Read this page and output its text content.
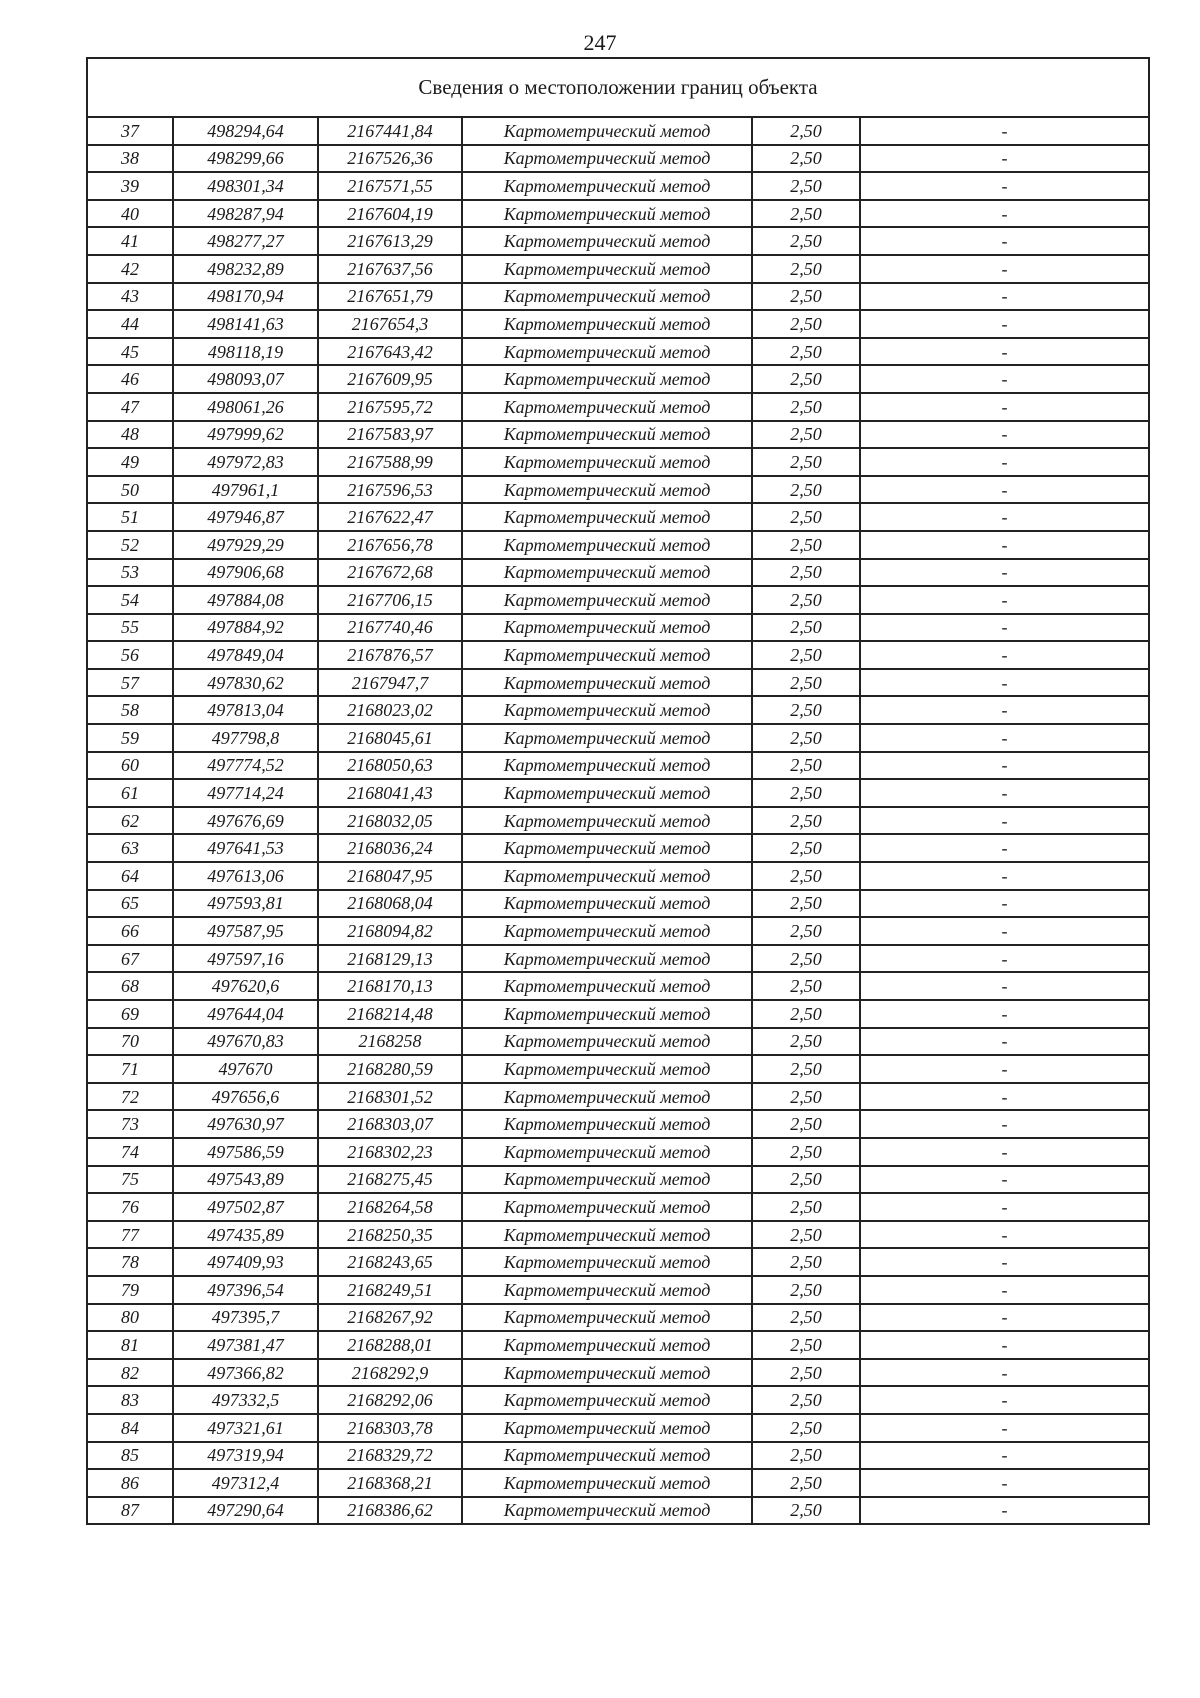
247
Сведения о местоположении границ объекта					
37	498294,64	2167441,84	Картометрический метод	2,50	-
38	498299,66	2167526,36	Картометрический метод	2,50	-
39	498301,34	2167571,55	Картометрический метод	2,50	-
40	498287,94	2167604,19	Картометрический метод	2,50	-
41	498277,27	2167613,29	Картометрический метод	2,50	-
42	498232,89	2167637,56	Картометрический метод	2,50	-
43	498170,94	2167651,79	Картометрический метод	2,50	-
44	498141,63	2167654,3	Картометрический метод	2,50	-
45	498118,19	2167643,42	Картометрический метод	2,50	-
46	498093,07	2167609,95	Картометрический метод	2,50	-
47	498061,26	2167595,72	Картометрический метод	2,50	-
48	497999,62	2167583,97	Картометрический метод	2,50	-
49	497972,83	2167588,99	Картометрический метод	2,50	-
50	497961,1	2167596,53	Картометрический метод	2,50	-
51	497946,87	2167622,47	Картометрический метод	2,50	-
52	497929,29	2167656,78	Картометрический метод	2,50	-
53	497906,68	2167672,68	Картометрический метод	2,50	-
54	497884,08	2167706,15	Картометрический метод	2,50	-
55	497884,92	2167740,46	Картометрический метод	2,50	-
56	497849,04	2167876,57	Картометрический метод	2,50	-
57	497830,62	2167947,7	Картометрический метод	2,50	-
58	497813,04	2168023,02	Картометрический метод	2,50	-
59	497798,8	2168045,61	Картометрический метод	2,50	-
60	497774,52	2168050,63	Картометрический метод	2,50	-
61	497714,24	2168041,43	Картометрический метод	2,50	-
62	497676,69	2168032,05	Картометрический метод	2,50	-
63	497641,53	2168036,24	Картометрический метод	2,50	-
64	497613,06	2168047,95	Картометрический метод	2,50	-
65	497593,81	2168068,04	Картометрический метод	2,50	-
66	497587,95	2168094,82	Картометрический метод	2,50	-
67	497597,16	2168129,13	Картометрический метод	2,50	-
68	497620,6	2168170,13	Картометрический метод	2,50	-
69	497644,04	2168214,48	Картометрический метод	2,50	-
70	497670,83	2168258	Картометрический метод	2,50	-
71	497670	2168280,59	Картометрический метод	2,50	-
72	497656,6	2168301,52	Картометрический метод	2,50	-
73	497630,97	2168303,07	Картометрический метод	2,50	-
74	497586,59	2168302,23	Картометрический метод	2,50	-
75	497543,89	2168275,45	Картометрический метод	2,50	-
76	497502,87	2168264,58	Картометрический метод	2,50	-
77	497435,89	2168250,35	Картометрический метод	2,50	-
78	497409,93	2168243,65	Картометрический метод	2,50	-
79	497396,54	2168249,51	Картометрический метод	2,50	-
80	497395,7	2168267,92	Картометрический метод	2,50	-
81	497381,47	2168288,01	Картометрический метод	2,50	-
82	497366,82	2168292,9	Картометрический метод	2,50	-
83	497332,5	2168292,06	Картометрический метод	2,50	-
84	497321,61	2168303,78	Картометрический метод	2,50	-
85	497319,94	2168329,72	Картометрический метод	2,50	-
86	497312,4	2168368,21	Картометрический метод	2,50	-
87	497290,64	2168386,62	Картометрический метод	2,50	-
